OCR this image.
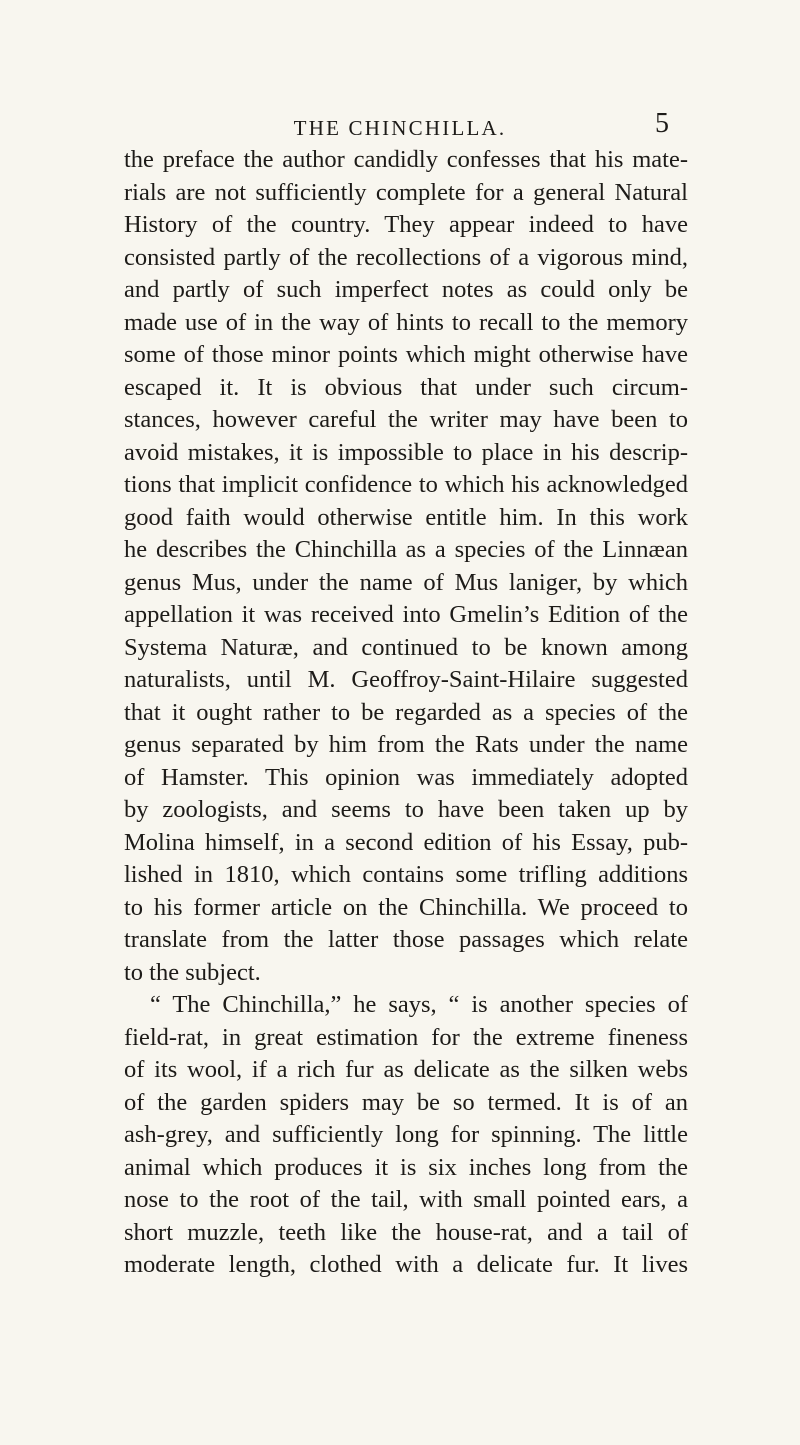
THE CHINCHILLA.	5
the preface the author candidly confesses that his mate-
rials are not sufficiently complete for a general Natural
History of the country. They appear indeed to have
consisted partly of the recollections of a vigorous mind,
and partly of such imperfect notes as could only be
made use of in the way of hints to recall to the memory
some of those minor points which might otherwise have
escaped it. It is obvious that under such circum-
stances, however careful the writer may have been to
avoid mistakes, it is impossible to place in his descrip-
tions that implicit confidence to which his acknowledged
good faith would otherwise entitle him. In this work
he describes the Chinchilla as a species of the Linnæan
genus Mus, under the name of Mus laniger, by which
appellation it was received into Gmelin’s Edition of the
Systema Naturæ, and continued to be known among
naturalists, until M. Geoffroy-Saint-Hilaire suggested
that it ought rather to be regarded as a species of the
genus separated by him from the Rats under the name
of Hamster. This opinion was immediately adopted
by zoologists, and seems to have been taken up by
Molina himself, in a second edition of his Essay, pub-
lished in 1810, which contains some trifling additions
to his former article on the Chinchilla. We proceed to
translate from the latter those passages which relate
to the subject.
“ The Chinchilla,” he says, “ is another species of
field-rat, in great estimation for the extreme fineness
of its wool, if a rich fur as delicate as the silken webs
of the garden spiders may be so termed. It is of an
ash-grey, and sufficiently long for spinning. The little
animal which produces it is six inches long from the
nose to the root of the tail, with small pointed ears, a
short muzzle, teeth like the house-rat, and a tail of
moderate length, clothed with a delicate fur. It lives
